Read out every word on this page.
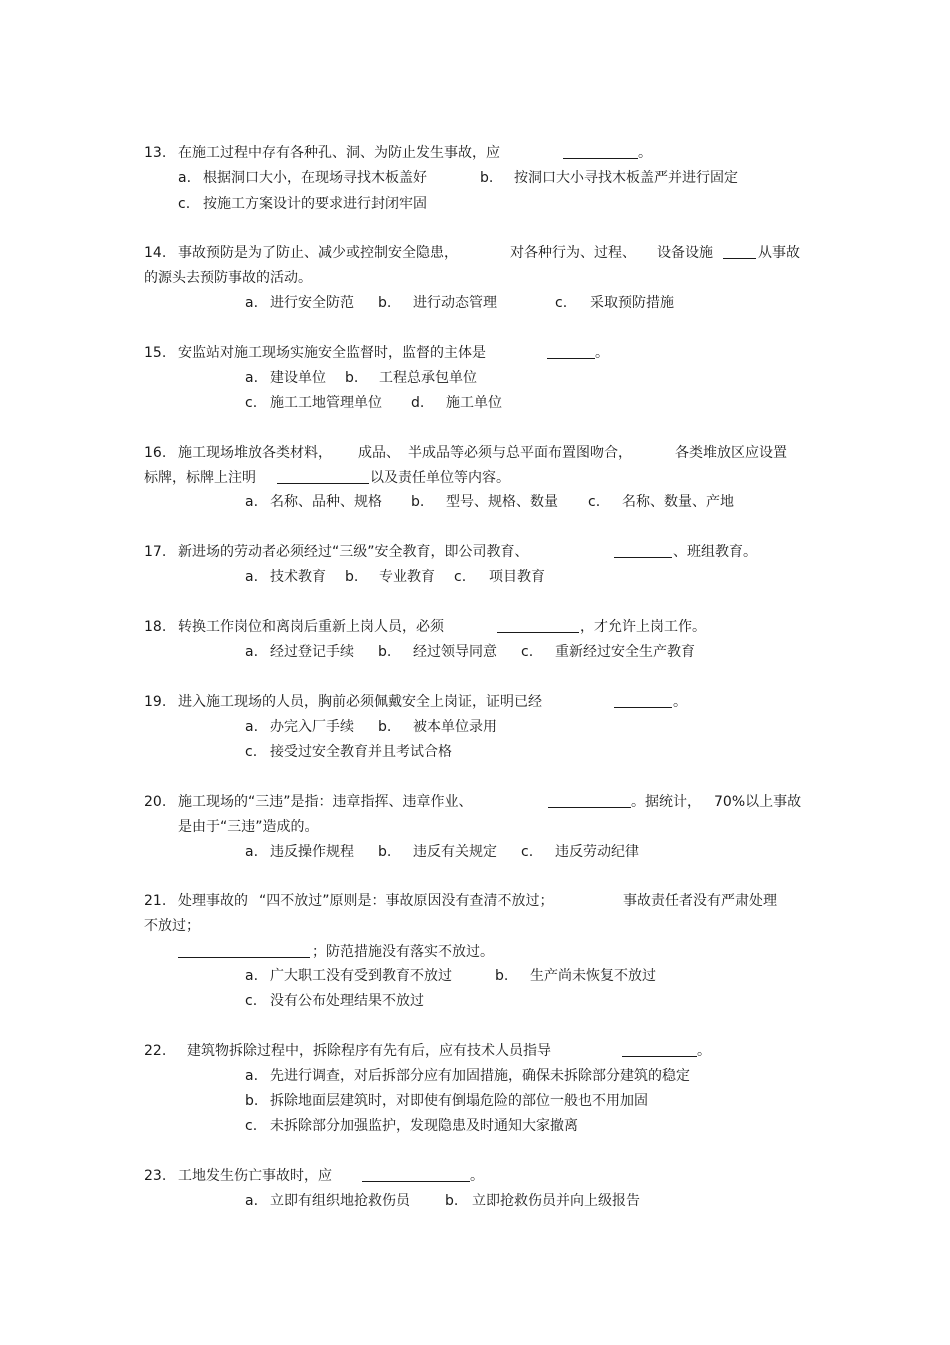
13. 在施工过程中存有各种孔、洞、为防止发生事故，应	。
a. 根据洞口大小，在现场寻找木板盖好	b. 按洞口大小寻找木板盖严并进行固定
c. 按施工方案设计的要求进行封闭牢固
14. 事故预防是为了防止、减少或控制安全隐患，	对各种行为、过程、 设备设施	从事故
的源头去预防事故的活动。
a. 进行安全防范 b. 进行动态管理	c. 采取预防措施
15. 安监站对施工现场实施安全监督时，监督的主体是	。
a. 建设单位 b. 工程总承包单位
c. 施工工地管理单位 d. 施工单位
16. 施工现场堆放各类材料， 成品、 半成品等必须与总平面布置图吻合，	各类堆放区应设置
标牌，标牌上注明	以及责任单位等内容。
a. 名称、品种、规格 b. 型号、规格、数量 c. 名称、数量、产地
17. 新进场的劳动者必须经过“三级”安全教育，即公司教育、	、班组教育。
a. 技术教育 b. 专业教育 c. 项目教育
18. 转换工作岗位和离岗后重新上岗人员，必须	，才允许上岗工作。
a. 经过登记手续 b. 经过领导同意 c. 重新经过安全生产教育
19. 进入施工现场的人员，胸前必须佩戴安全上岗证，证明已经	。
a. 办完入厂手续 b. 被本单位录用
c. 接受过安全教育并且考试合格
20. 施工现场的“三违”是指：违章指挥、违章作业、	。据统计， 70%以上事故
是由于“三违”造成的。
a. 违反操作规程 b. 违反有关规定 c. 违反劳动纪律
21. 处理事故的 “四不放过”原则是：事故原因没有查清不放过；	事故责任者没有严肃处理
不放过；
；防范措施没有落实不放过。
a. 广大职工没有受到教育不放过	b. 生产尚未恢复不放过
c. 没有公布处理结果不放过
22. 建筑物拆除过程中，拆除程序有先有后，应有技术人员指导	。
a. 先进行调查，对后拆部分应有加固措施，确保未拆除部分建筑的稳定
b. 拆除地面层建筑时，对即使有倒塌危险的部位一般也不用加固
c. 未拆除部分加强监护，发现隐患及时通知大家撤离
23. 工地发生伤亡事故时，应	。
a. 立即有组织地抢救伤员	b. 立即抢救伤员并向上级报告
